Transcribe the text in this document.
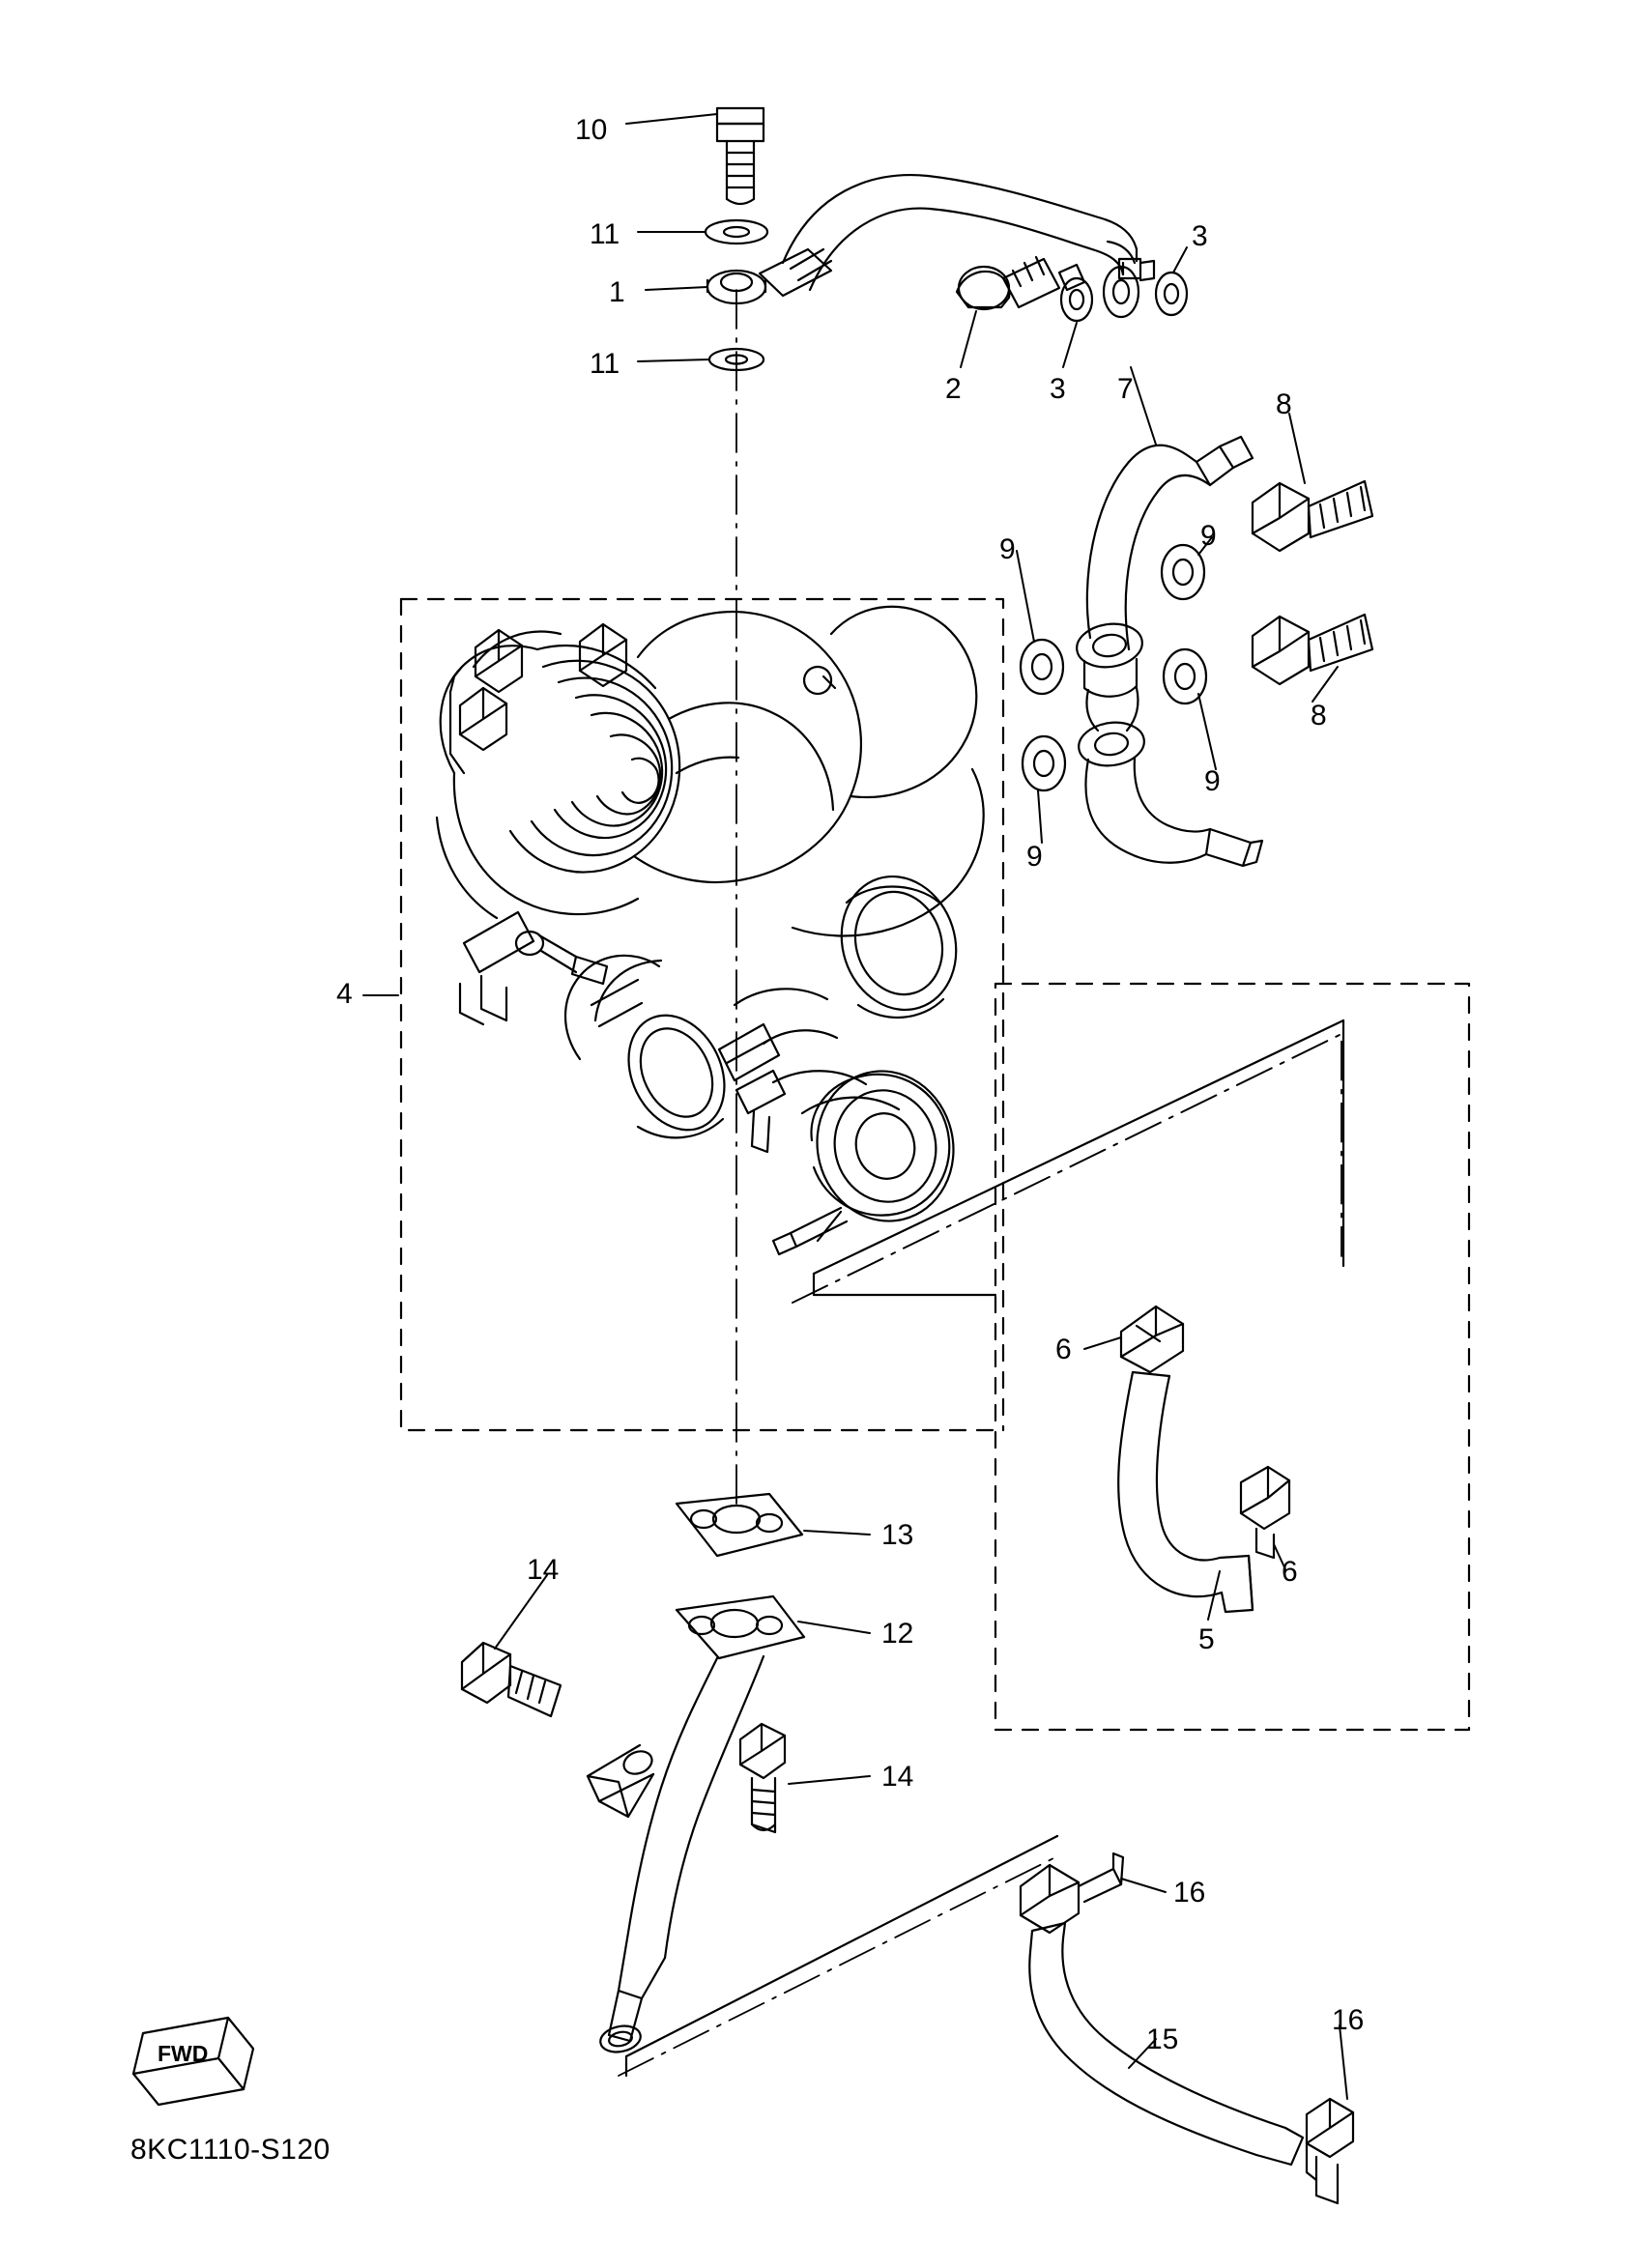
10
11
1
11
3
2	3 7	8
9
9
8
9
9
4
6
6
5
13
14
12
14
16
15
16
FWD
8KC1110-S120
